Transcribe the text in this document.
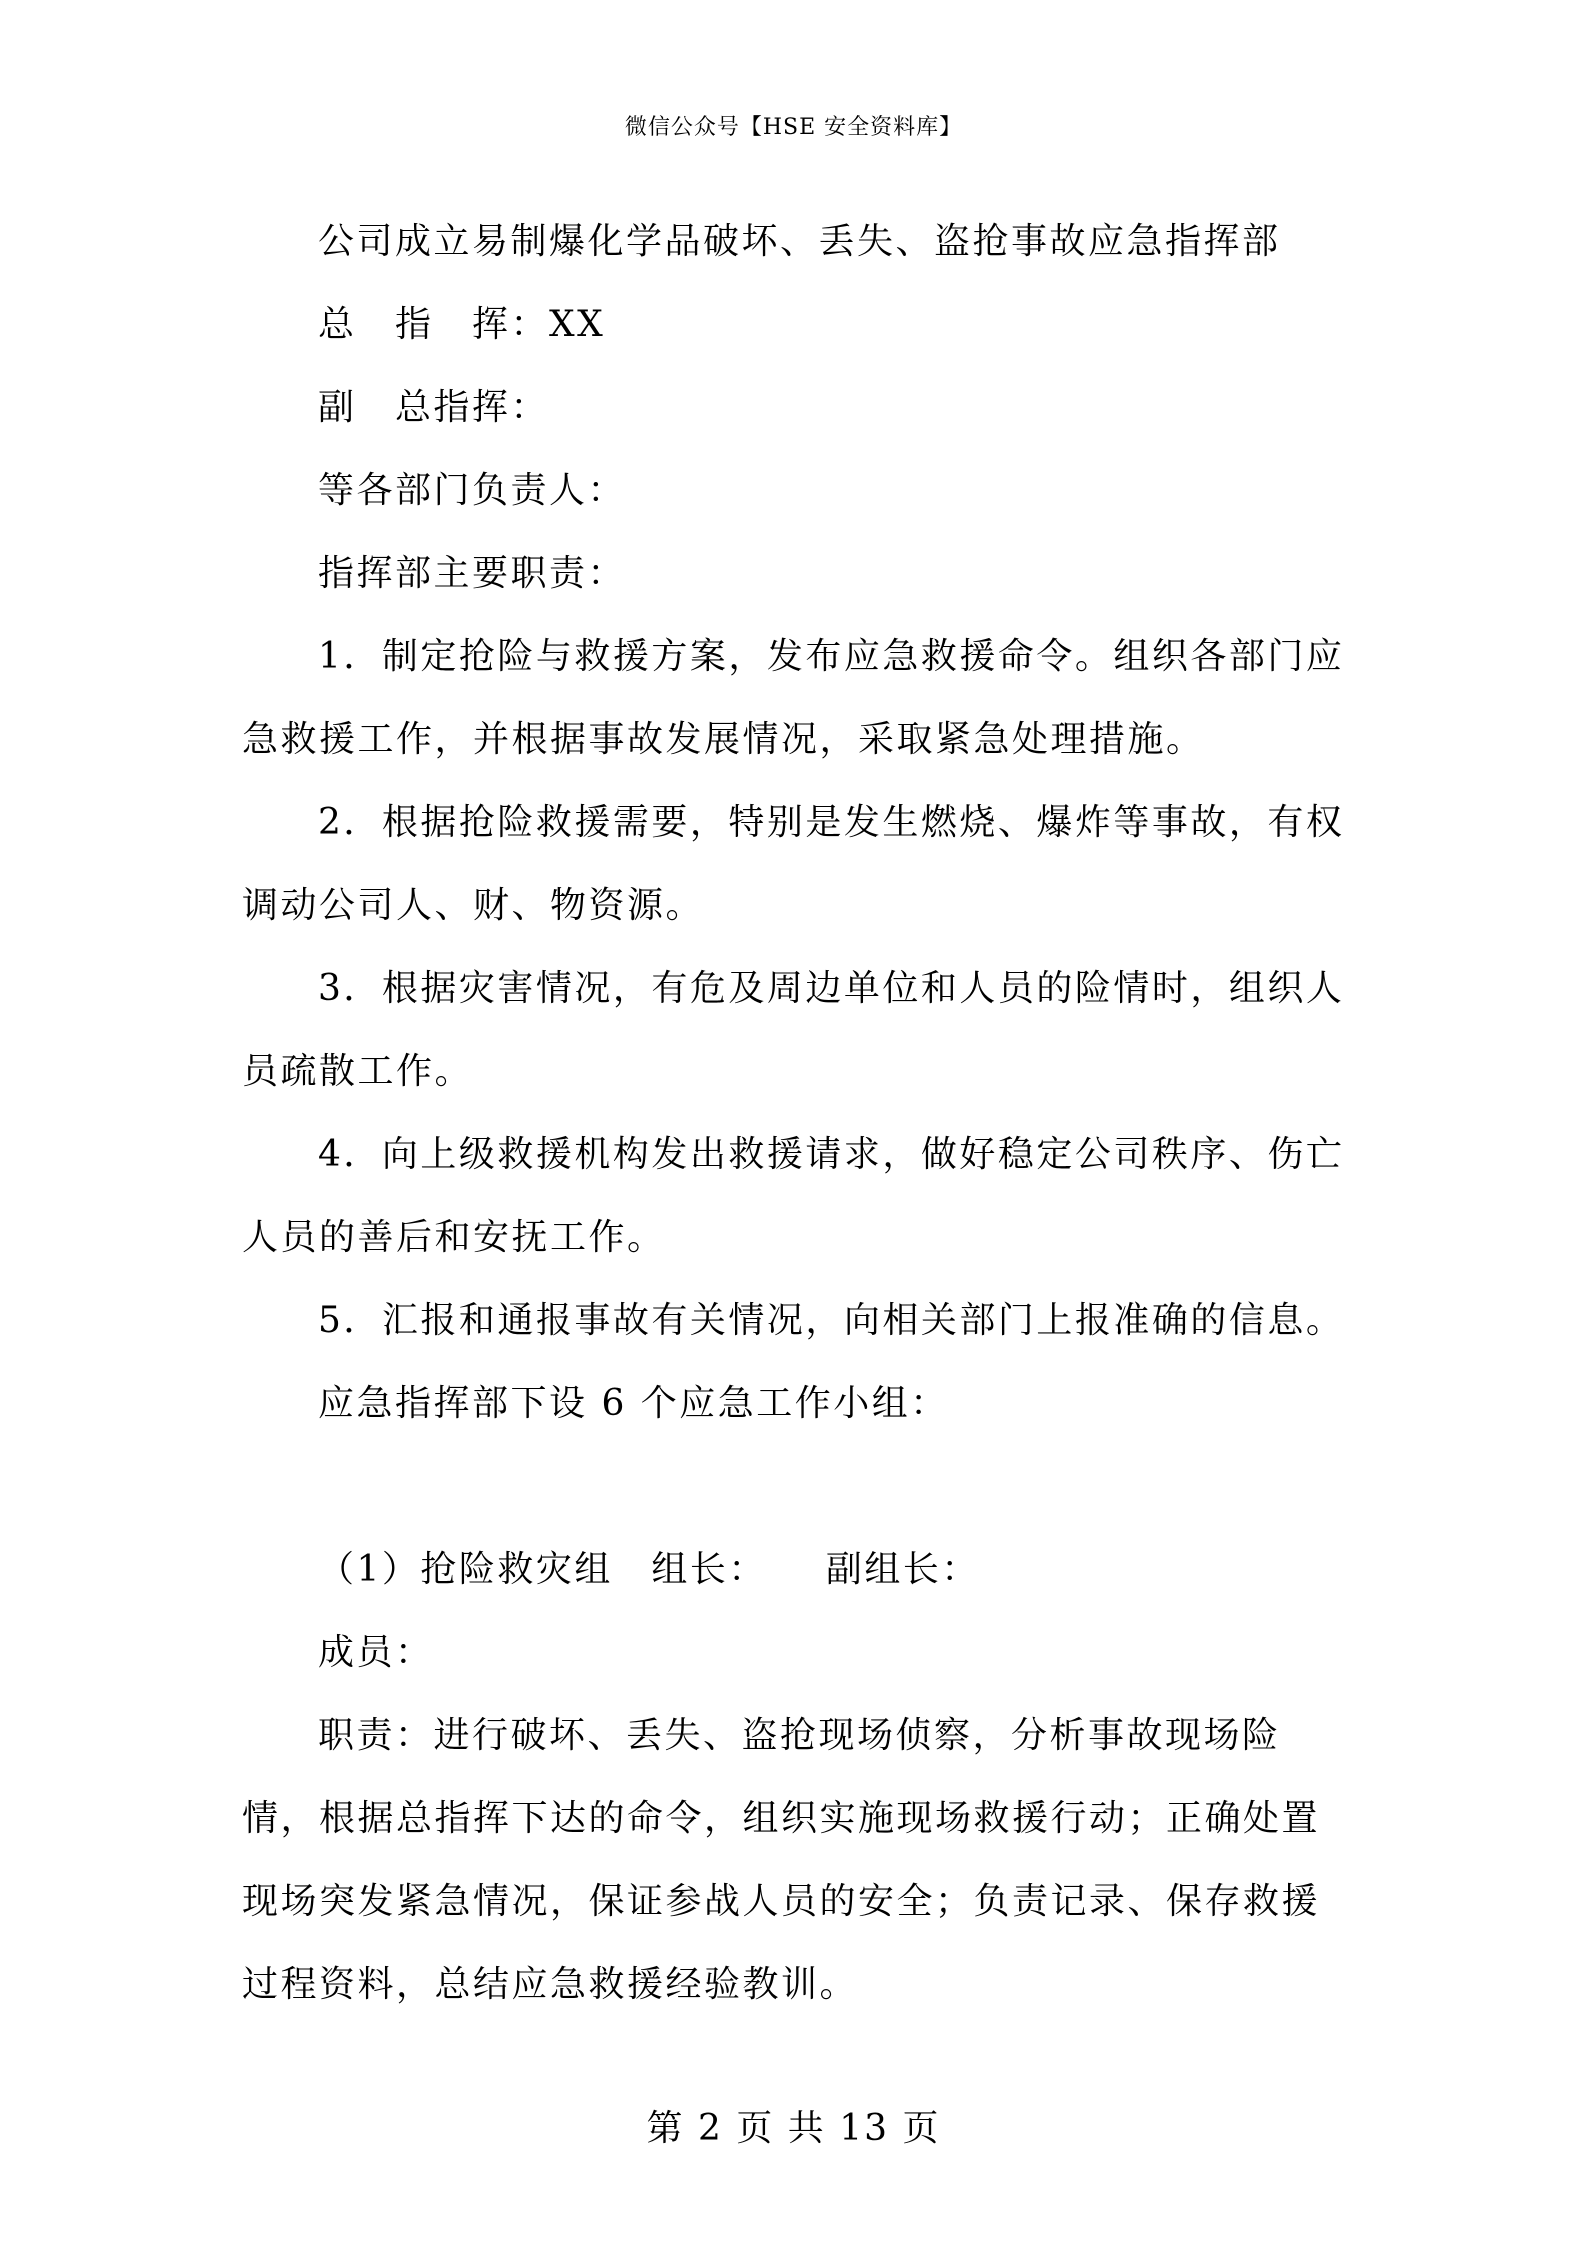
微信公众号【HSE 安全资料库】

公司成立易制爆化学品破坏、丢失、盗抢事故应急指挥部

总　指　挥：XX

副　总指挥：

等各部门负责人：

指挥部主要职责：

1．制定抢险与救援方案，发布应急救援命令。组织各部门应急救援工作，并根据事故发展情况，采取紧急处理措施。

2．根据抢险救援需要，特别是发生燃烧、爆炸等事故，有权调动公司人、财、物资源。

3．根据灾害情况，有危及周边单位和人员的险情时，组织人员疏散工作。

4．向上级救援机构发出救援请求，做好稳定公司秩序、伤亡人员的善后和安抚工作。

5．汇报和通报事故有关情况，向相关部门上报准确的信息。

应急指挥部下设 6 个应急工作小组：

（1）抢险救灾组　组长：　　副组长：

成员：

职责：进行破坏、丢失、盗抢现场侦察，分析事故现场险情，根据总指挥下达的命令，组织实施现场救援行动；正确处置现场突发紧急情况，保证参战人员的安全；负责记录、保存救援过程资料，总结应急救援经验教训。

第 2 页 共 13 页
